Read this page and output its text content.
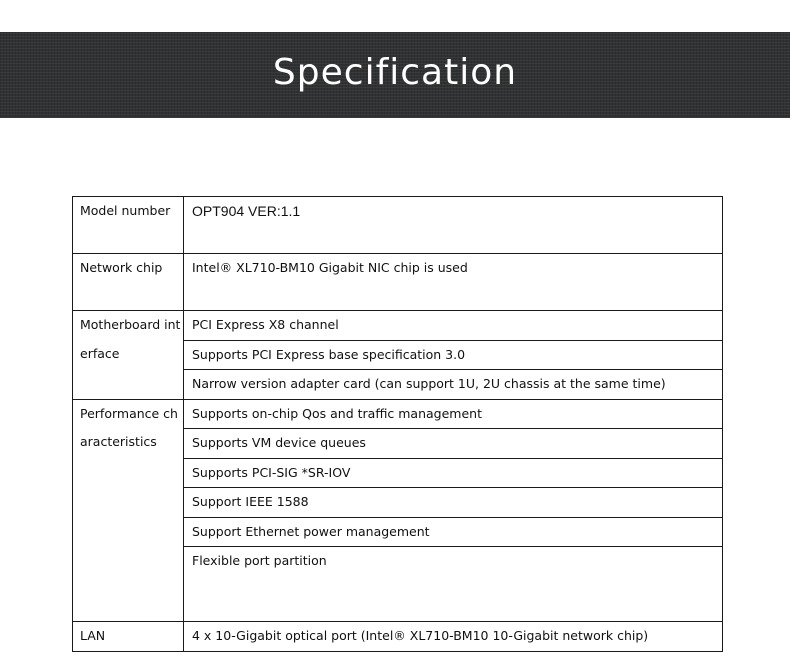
Specification
Model number	OPT904 VER:1.1
Network chip	Intel® XL710-BM10 Gigabit NIC chip is used
Motherboard interface	PCI Express X8 channel
	Supports PCI Express base specification 3.0
	Narrow version adapter card (can support 1U, 2U chassis at the same time)
Performance characteristics	Supports on-chip Qos and traffic management
	Supports VM device queues
	Supports PCI-SIG *SR-IOV
	Support IEEE 1588
	Support Ethernet power management
	Flexible port partition
LAN	4 x 10-Gigabit optical port (Intel® XL710-BM10 10-Gigabit network chip)
